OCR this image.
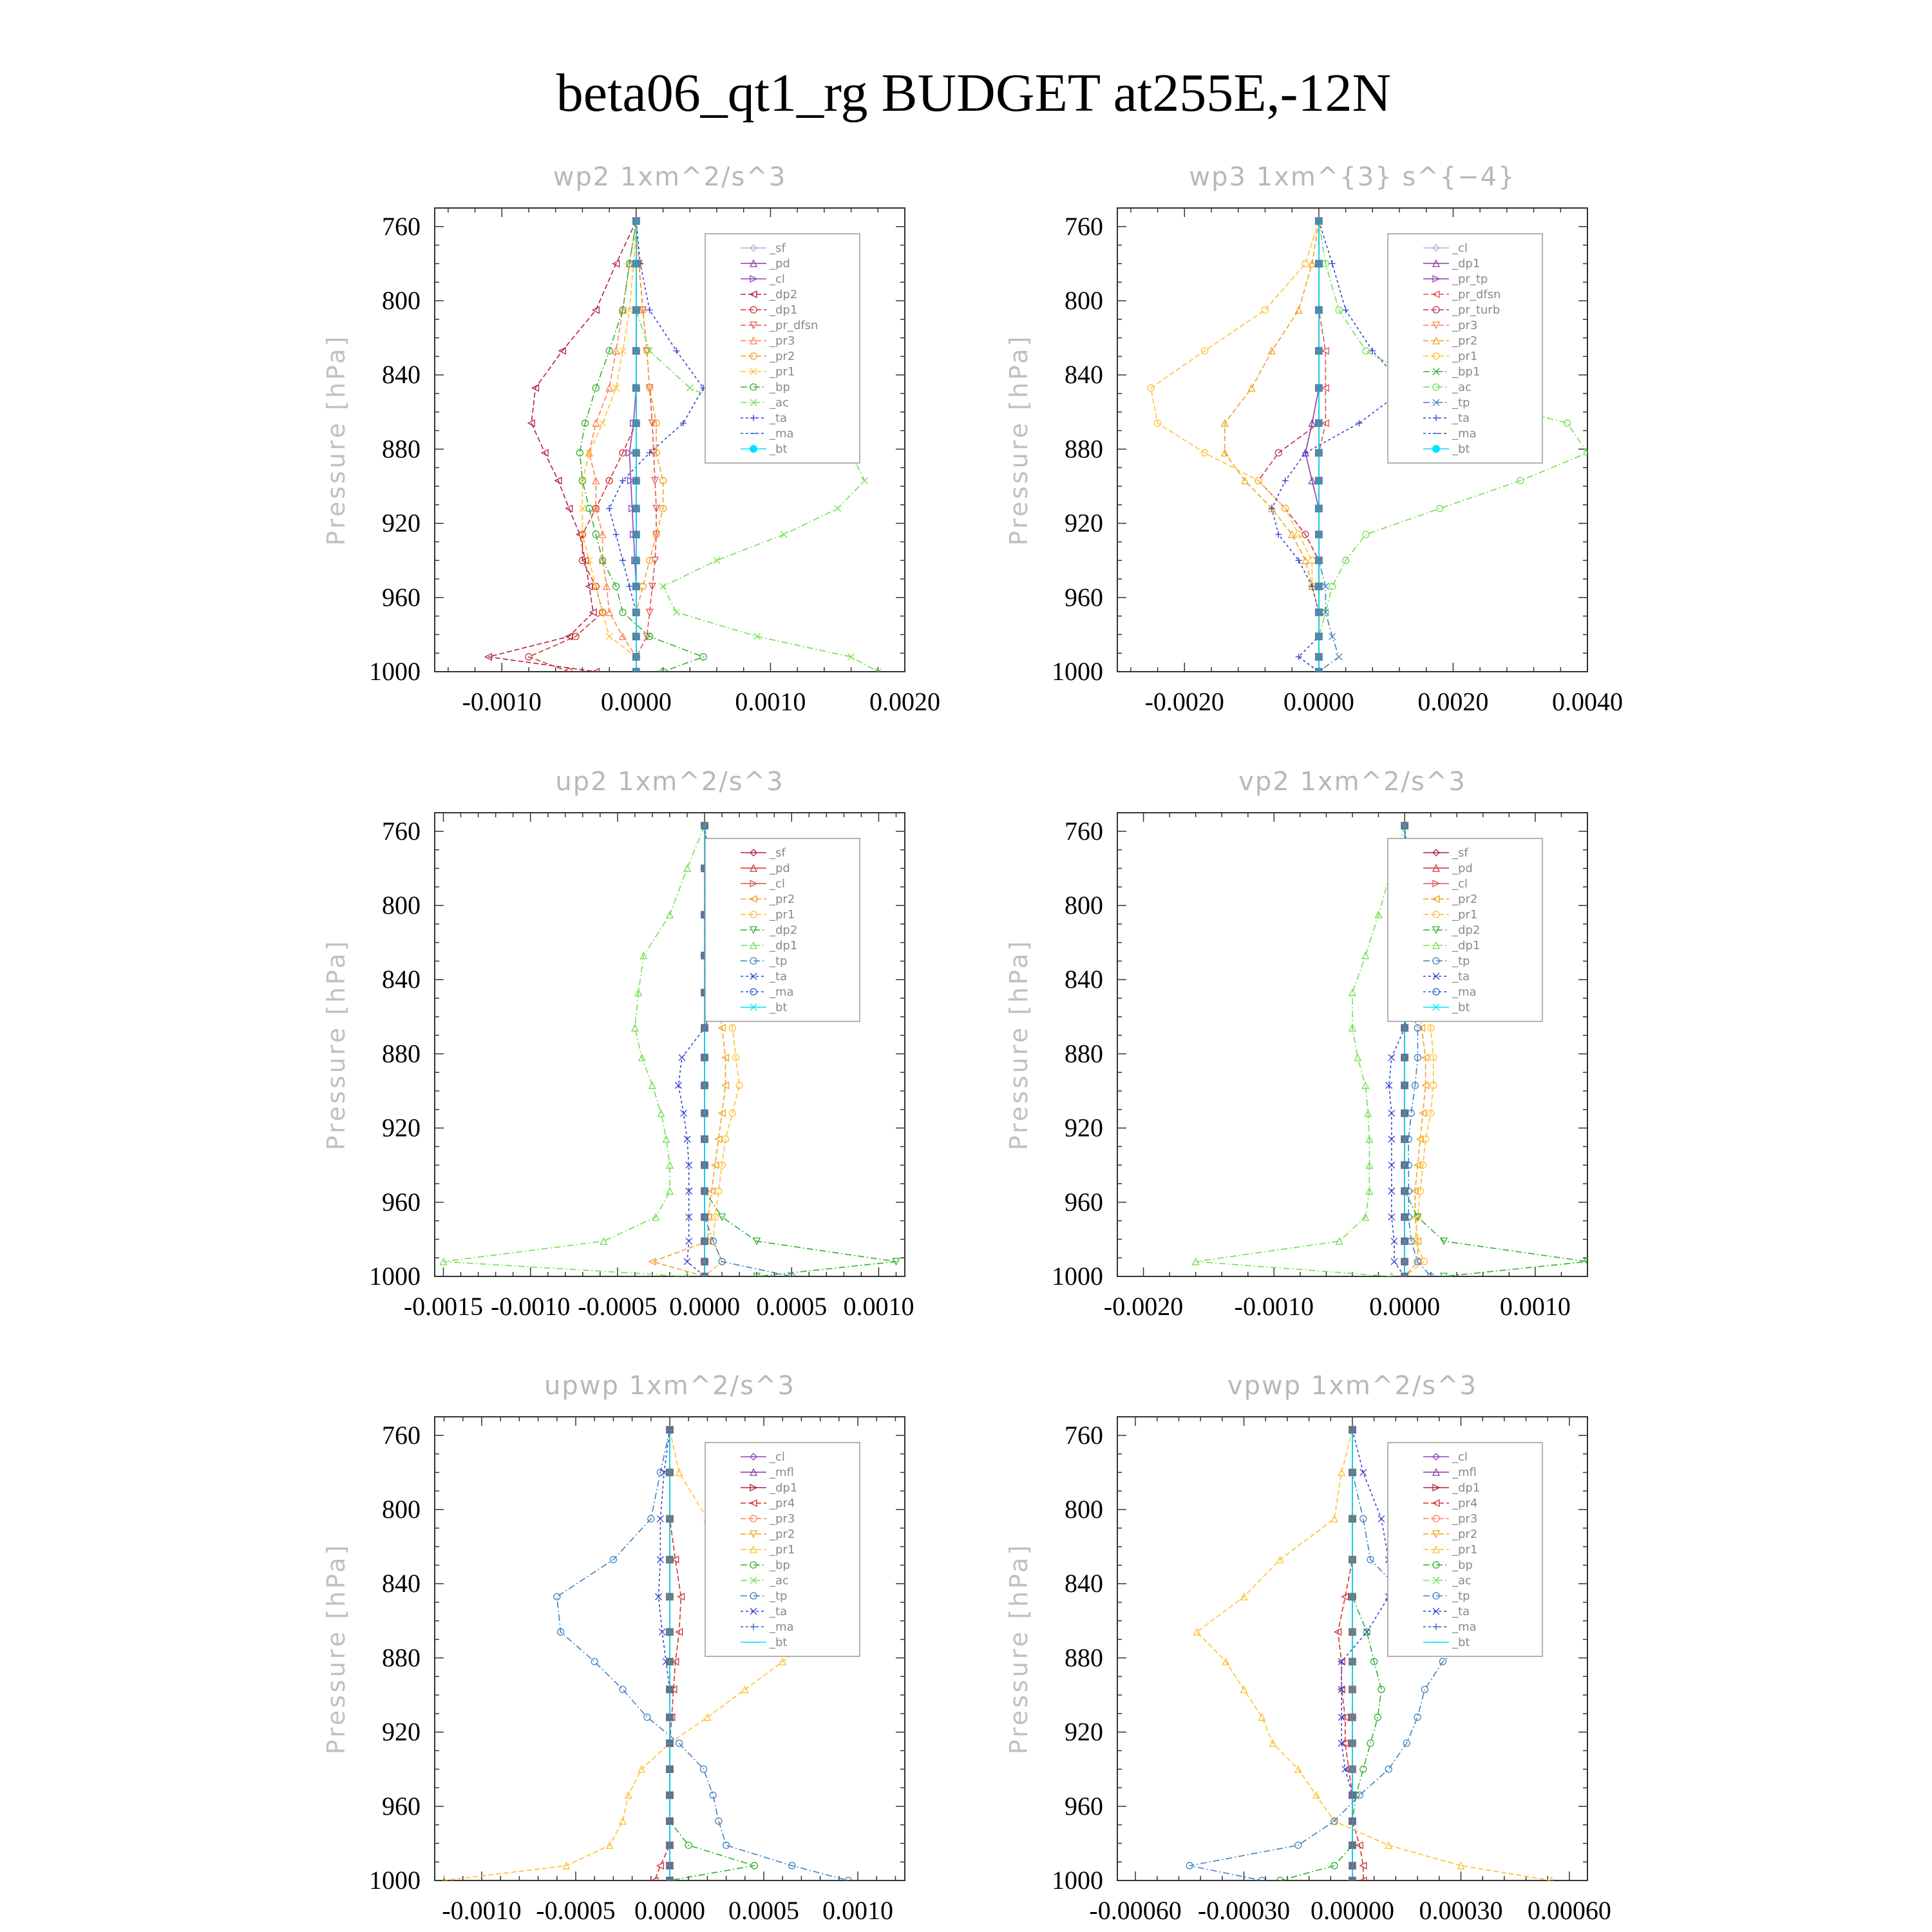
beta06_qt1_rg BUDGET at255E,-12N
wp2 1xm^2/s^3
Pressure [hPa]
760
800
840
880
920
960
1000
-0.0010 0.0000 0.0010 0.0020
_sf
_pd
_cl
_dp2
_dp1
_pr_dfsn
_pr3
_pr2
_pr1
_bp
_ac
_ta
_ma
_bt
wp3 1xm^{3} s^{−4}
Pressure [hPa]
760
800
840
880
920
960
1000
-0.0020 0.0000 0.0020 0.0040
_cl
_dp1
_pr_tp
_pr_dfsn
_pr_turb
_pr3
_pr2
_pr1
_bp1
_ac
_tp
_ta
_ma
_bt
up2 1xm^2/s^3
Pressure [hPa]
760
800
840
880
920
960
1000
-0.0015 -0.0010 -0.0005 0.0000 0.0005 0.0010
_sf
_pd
_cl
_pr2
_pr1
_dp2
_dp1
_tp
_ta
_ma
_bt
vp2 1xm^2/s^3
Pressure [hPa]
760
800
840
880
920
960
1000
-0.0020 -0.0010 0.0000 0.0010
_sf
_pd
_cl
_pr2
_pr1
_dp2
_dp1
_tp
_ta
_ma
_bt
upwp 1xm^2/s^3
Pressure [hPa]
760
800
840
880
920
960
1000
-0.0010 -0.0005 0.0000 0.0005 0.0010
_cl
_mfl
_dp1
_pr4
_pr3
_pr2
_pr1
_bp
_ac
_tp
_ta
_ma
_bt
vpwp 1xm^2/s^3
Pressure [hPa]
760
800
840
880
920
960
1000
-0.00060 -0.00030 0.00000 0.00030 0.00060
_cl
_mfl
_dp1
_pr4
_pr3
_pr2
_pr1
_bp
_ac
_tp
_ta
_ma
_bt
